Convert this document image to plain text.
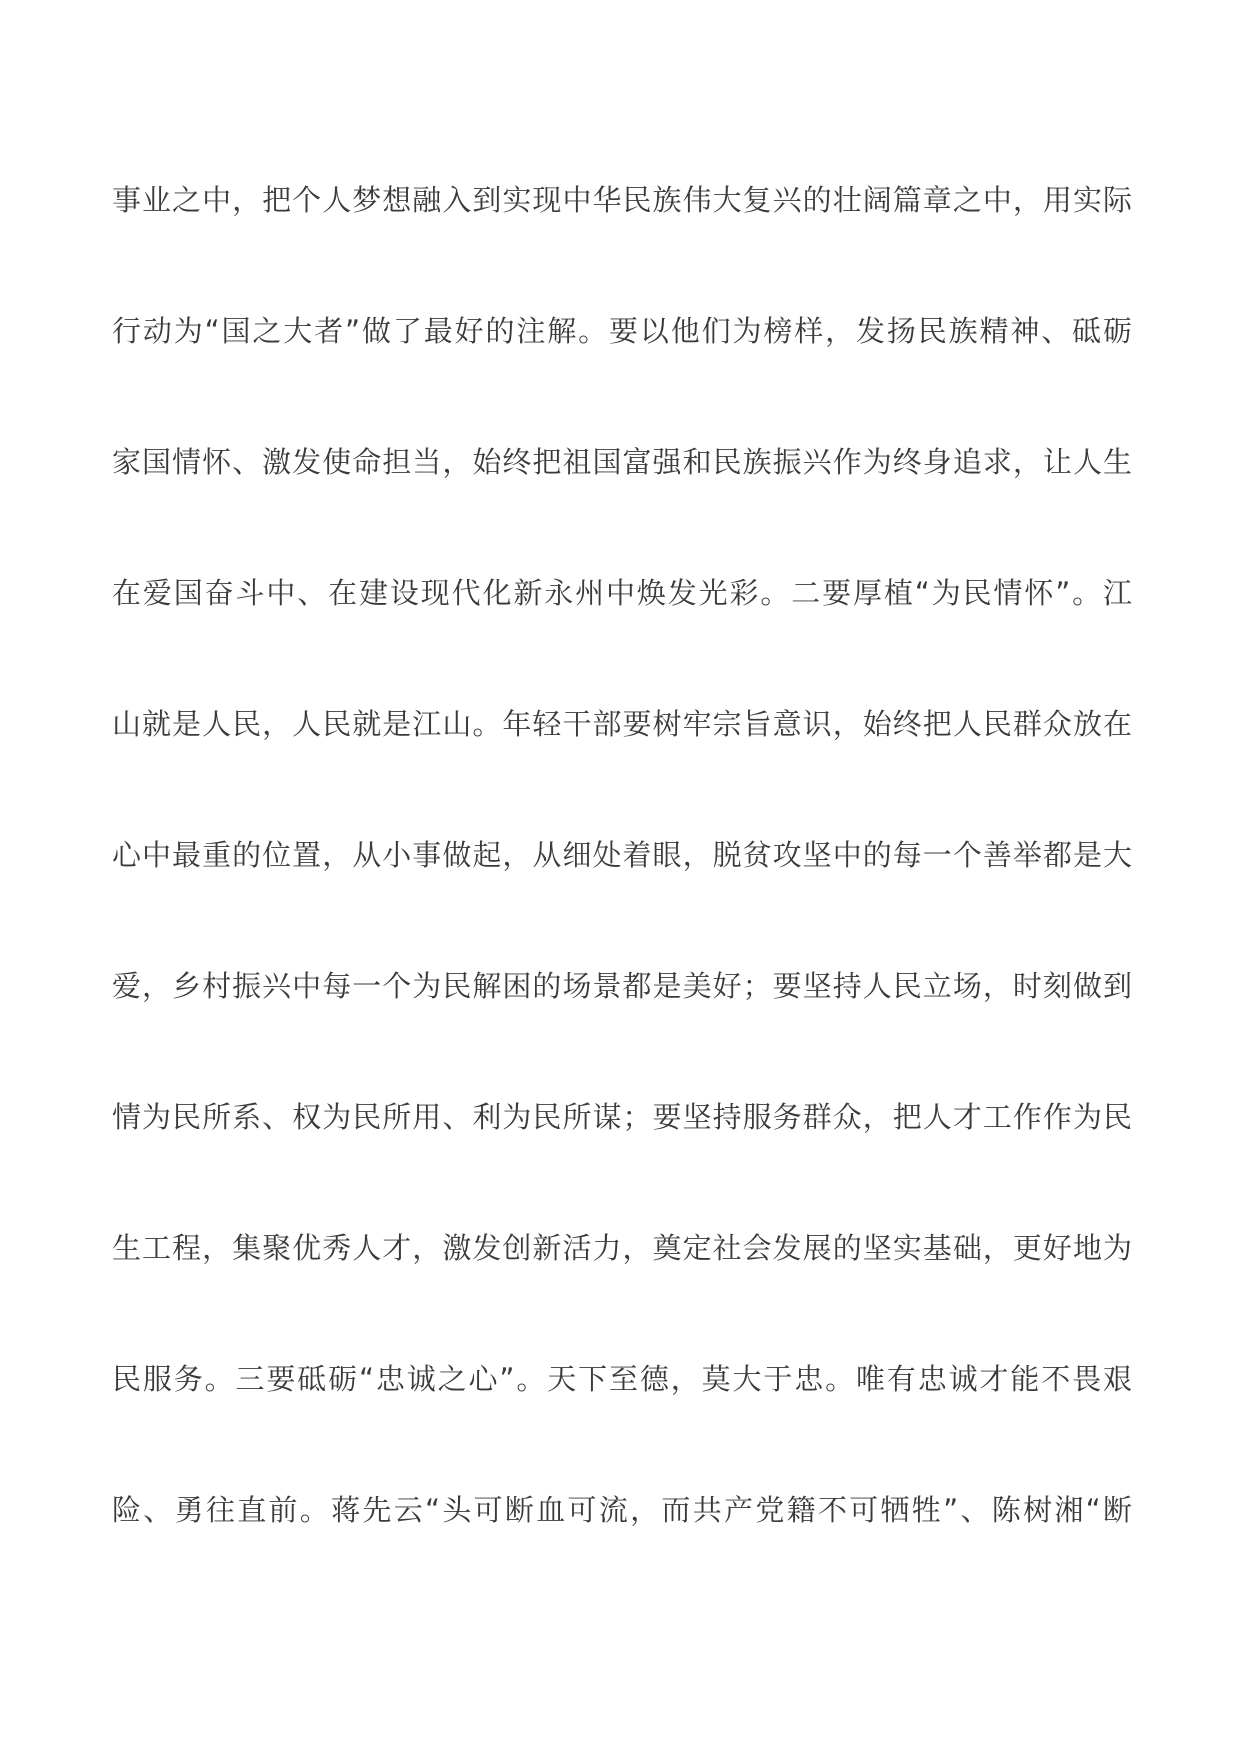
事业之中，把个人梦想融入到实现中华民族伟大复兴的壮阔篇章之中，用实际
行动为“国之大者”做了最好的注解。要以他们为榜样，发扬民族精神、砥砺
家国情怀、激发使命担当，始终把祖国富强和民族振兴作为终身追求，让人生
在爱国奋斗中、在建设现代化新永州中焕发光彩。二要厚植“为民情怀”。江
山就是人民，人民就是江山。年轻干部要树牢宗旨意识，始终把人民群众放在
心中最重的位置，从小事做起，从细处着眼，脱贫攻坚中的每一个善举都是大
爱，乡村振兴中每一个为民解困的场景都是美好；要坚持人民立场，时刻做到
情为民所系、权为民所用、利为民所谋；要坚持服务群众，把人才工作作为民
生工程，集聚优秀人才，激发创新活力，奠定社会发展的坚实基础，更好地为
民服务。三要砥砺“忠诚之心”。天下至德，莫大于忠。唯有忠诚才能不畏艰
险、勇往直前。蒋先云“头可断血可流，而共产党籍不可牺牲”、陈树湘“断
